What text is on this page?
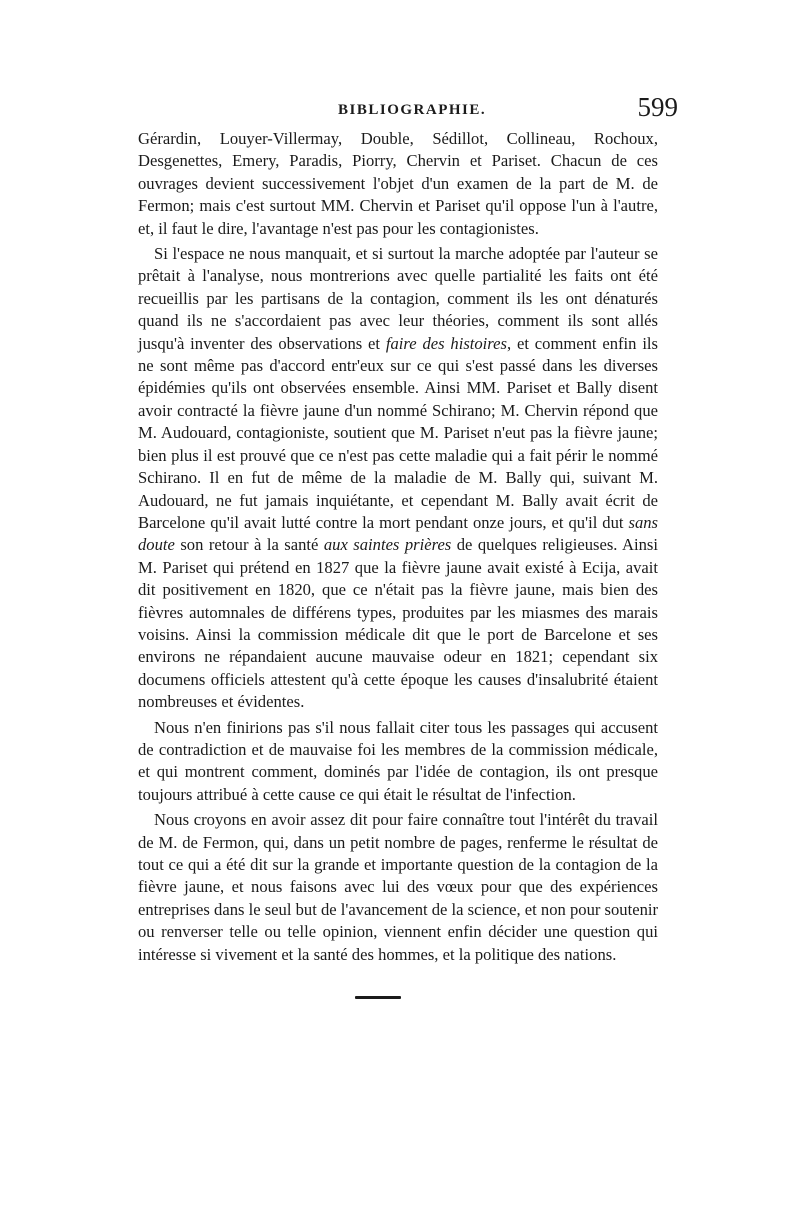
BIBLIOGRAPHIE.	599

Gérardin, Louyer-Villermay, Double, Sédillot, Collineau, Rochoux, Desgenettes, Emery, Paradis, Piorry, Chervin et Pariset. Chacun de ces ouvrages devient successivement l'objet d'un examen de la part de M. de Fermon; mais c'est surtout MM. Chervin et Pariset qu'il oppose l'un à l'autre, et, il faut le dire, l'avantage n'est pas pour les contagionistes.

Si l'espace ne nous manquait, et si surtout la marche adoptée par l'auteur se prêtait à l'analyse, nous montrerions avec quelle partialité les faits ont été recueillis par les partisans de la contagion, comment ils les ont dénaturés quand ils ne s'accordaient pas avec leur théories, comment ils sont allés jusqu'à inventer des observations et faire des histoires, et comment enfin ils ne sont même pas d'accord entr'eux sur ce qui s'est passé dans les diverses épidémies qu'ils ont observées ensemble. Ainsi MM. Pariset et Bally disent avoir contracté la fièvre jaune d'un nommé Schirano; M. Chervin répond que M. Audouard, contagioniste, soutient que M. Pariset n'eut pas la fièvre jaune; bien plus il est prouvé que ce n'est pas cette maladie qui a fait périr le nommé Schirano. Il en fut de même de la maladie de M. Bally qui, suivant M. Audouard, ne fut jamais inquiétante, et cependant M. Bally avait écrit de Barcelone qu'il avait lutté contre la mort pendant onze jours, et qu'il dut sans doute son retour à la santé aux saintes prières de quelques religieuses. Ainsi M. Pariset qui prétend en 1827 que la fièvre jaune avait existé à Ecija, avait dit positivement en 1820, que ce n'était pas la fièvre jaune, mais bien des fièvres automnales de différens types, produites par les miasmes des marais voisins. Ainsi la commission médicale dit que le port de Barcelone et ses environs ne répandaient aucune mauvaise odeur en 1821; cependant six documens officiels attestent qu'à cette époque les causes d'insalubrité étaient nombreuses et évidentes.

Nous n'en finirions pas s'il nous fallait citer tous les passages qui accusent de contradiction et de mauvaise foi les membres de la commission médicale, et qui montrent comment, dominés par l'idée de contagion, ils ont presque toujours attribué à cette cause ce qui était le résultat de l'infection.

Nous croyons en avoir assez dit pour faire connaître tout l'intérêt du travail de M. de Fermon, qui, dans un petit nombre de pages, renferme le résultat de tout ce qui a été dit sur la grande et importante question de la contagion de la fièvre jaune, et nous faisons avec lui des vœux pour que des expériences entreprises dans le seul but de l'avancement de la science, et non pour soutenir ou renverser telle ou telle opinion, viennent enfin décider une question qui intéresse si vivement et la santé des hommes, et la politique des nations.
